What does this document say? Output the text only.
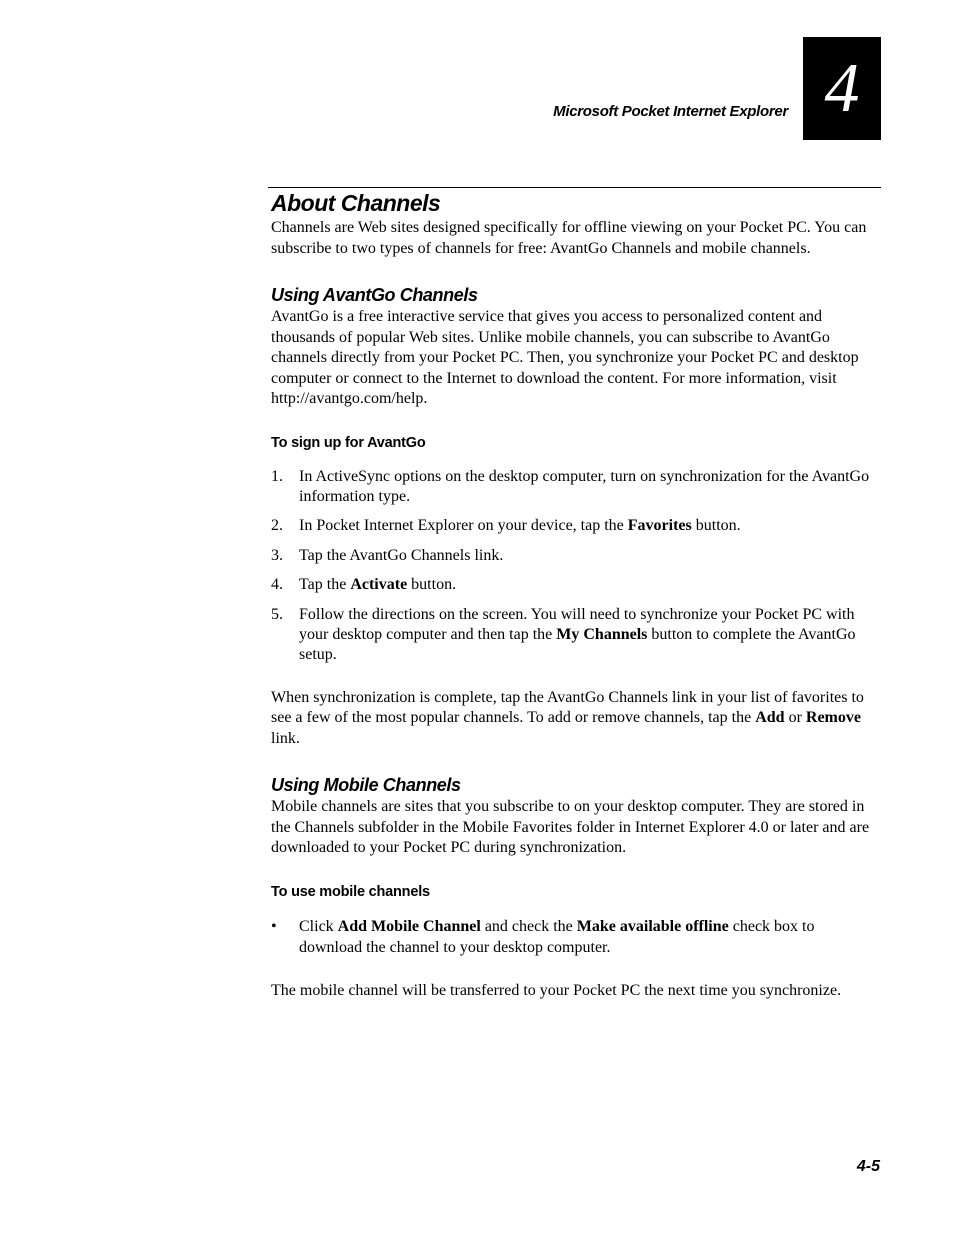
Microsoft Pocket Internet Explorer 4
About Channels

Channels are Web sites designed specifically for offline viewing on your Pocket PC. You can subscribe to two types of channels for free: AvantGo Channels and mobile channels.

Using AvantGo Channels

AvantGo is a free interactive service that gives you access to personalized content and thousands of popular Web sites. Unlike mobile channels, you can subscribe to AvantGo channels directly from your Pocket PC. Then, you synchronize your Pocket PC and desktop computer or connect to the Internet to download the content. For more information, visit http://avantgo.com/help.

To sign up for AvantGo
1. In ActiveSync options on the desktop computer, turn on synchronization for the AvantGo information type.
2. In Pocket Internet Explorer on your device, tap the Favorites button.
3. Tap the AvantGo Channels link.
4. Tap the Activate button.
5. Follow the directions on the screen. You will need to synchronize your Pocket PC with your desktop computer and then tap the My Channels button to complete the AvantGo setup.

When synchronization is complete, tap the AvantGo Channels link in your list of favorites to see a few of the most popular channels. To add or remove channels, tap the Add or Remove link.

Using Mobile Channels

Mobile channels are sites that you subscribe to on your desktop computer. They are stored in the Channels subfolder in the Mobile Favorites folder in Internet Explorer 4.0 or later and are downloaded to your Pocket PC during synchronization.

To use mobile channels
• Click Add Mobile Channel and check the Make available offline check box to download the channel to your desktop computer.

The mobile channel will be transferred to your Pocket PC the next time you synchronize.

4-5
